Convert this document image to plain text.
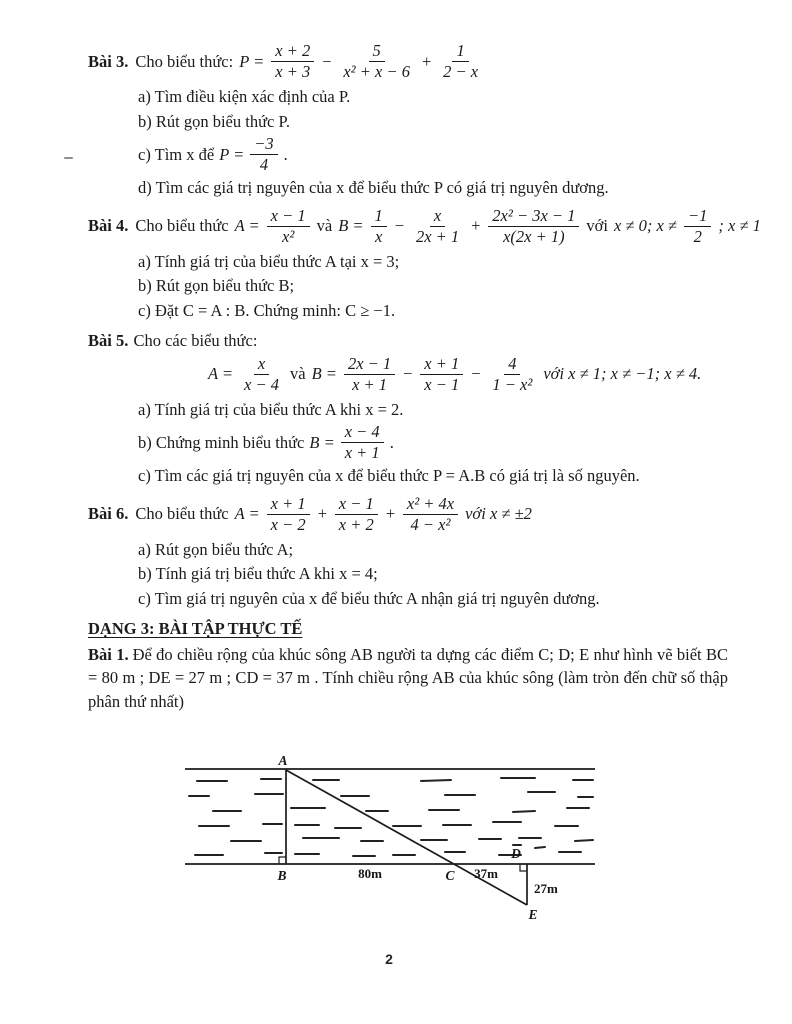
Bài 3. Cho biểu thức: $P = \frac{x + 2}{x + 3} - \frac{5}{\text{x² + x − 6}} + \frac{1}{2 - x}$
a) Tìm điều kiện xác định của P.
b) Rút gọn biểu thức P.
c) Tìm x để $P = \frac{-3}{4}$ .
d) Tìm các giá trị nguyên của x để biểu thức P có giá trị nguyên dương.
Bài 4. Cho biểu thức $A = \frac{x - 1}{\text{x²}}$ và $B = \frac{1}{x} - \frac{x}{2x + 1} + \frac{\text{2x² − 3x − 1}}{x(2x + 1)}$ với x ≠ 0; $x \ne \frac{-1}{2}$ ; x ≠ 1
a) Tính giá trị của biểu thức A tại x = 3;
b) Rút gọn biểu thức B;
c) Đặt C = A : B. Chứng minh: C ≥ −1.
Bài 5. Cho các biểu thức:
$A = \frac{x}{x - 4}$ và $B = \frac{2x - 1}{x + 1} - \frac{x + 1}{x - 1} - \frac{4}{\text{1 − x²}}$ với x ≠ 1; x ≠ −1; x ≠ 4.
a) Tính giá trị của biểu thức A khi x = 2.
b) Chứng minh biểu thức $B = \frac{x - 4}{x + 1}$ .
c) Tìm các giá trị nguyên của x để biểu thức P = A.B có giá trị là số nguyên.
Bài 6. Cho biểu thức $A = \frac{x + 1}{x - 2} + \frac{x - 1}{x + 2} + \frac{\text{x² + 4x}}{\text{4 − x²}}$ với x ≠ ±2
a) Rút gọn biểu thức A;
b) Tính giá trị biểu thức A khi x = 4;
c) Tìm giá trị nguyên của x để biểu thức A nhận giá trị nguyên dương.
DẠNG 3: BÀI TẬP THỰC TẾ

Bài 1. Để đo chiều rộng của khúc sông AB người ta dựng các điểm C; D; E như hình vẽ biết BC = 80 m ; DE = 27 m ; CD = 37 m . Tính chiều rộng AB của khúc sông (làm tròn đến chữ số thập phân thứ nhất)

A
B	C
D
E
80m	37m
27m
2
